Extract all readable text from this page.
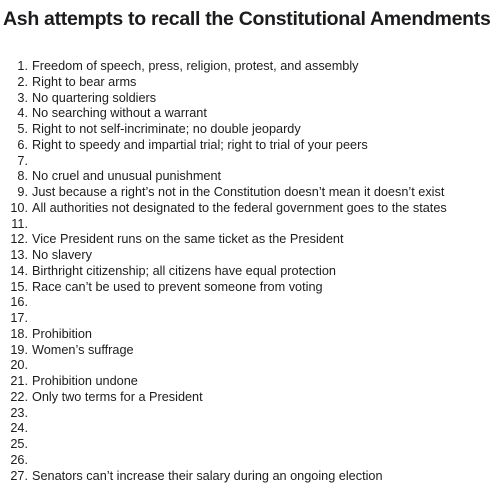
Ash attempts to recall the Constitutional Amendments
1. Freedom of speech, press, religion, protest, and assembly
2. Right to bear arms
3. No quartering soldiers
4. No searching without a warrant
5. Right to not self-incriminate; no double jeopardy
6. Right to speedy and impartial trial; right to trial of your peers
7.
8. No cruel and unusual punishment
9. Just because a right’s not in the Constitution doesn’t mean it doesn’t exist
10. All authorities not designated to the federal government goes to the states
11.
12. Vice President runs on the same ticket as the President
13. No slavery
14. Birthright citizenship; all citizens have equal protection
15. Race can’t be used to prevent someone from voting
16.
17.
18. Prohibition
19. Women’s suffrage
20.
21. Prohibition undone
22. Only two terms for a President
23.
24.
25.
26.
27. Senators can’t increase their salary during an ongoing election
